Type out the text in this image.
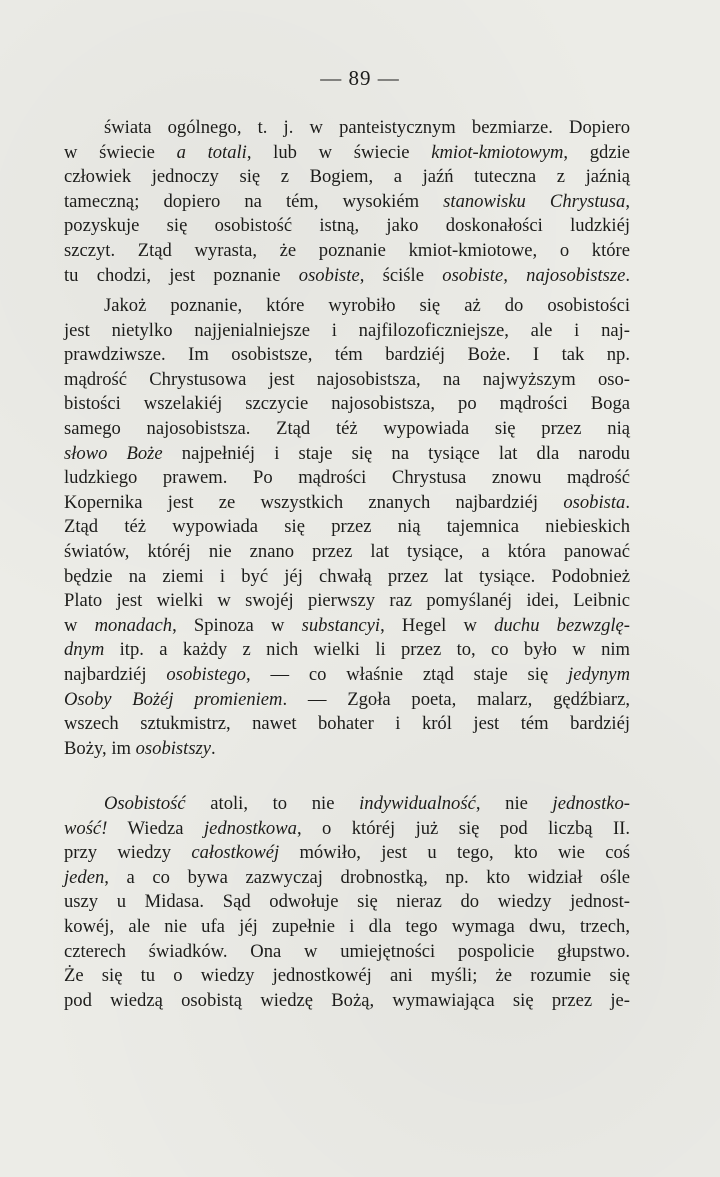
— 89 —
świata ogólnego, t. j. w panteistycznym bezmiarze. Dopiero
w świecie a totali, lub w świecie kmiot-kmiotowym, gdzie
człowiek jednoczy się z Bogiem, a jaźń tuteczna z jaźnią
tameczną; dopiero na tém, wysokiém stanowisku Chrystusa,
pozyskuje się osobistość istną, jako doskonałości ludzkiéj
szczyt. Ztąd wyrasta, że poznanie kmiot-kmiotowe, o które
tu chodzi, jest poznanie osobiste, ściśle osobiste, najosobistsze.
Jakoż poznanie, które wyrobiło się aż do osobistości
jest nietylko najjenialniejsze i najfilozoficzniejsze, ale i naj-
prawdziwsze. Im osobistsze, tém bardziéj Boże. I tak np.
mądrość Chrystusowa jest najosobistsza, na najwyższym oso-
bistości wszelakiéj szczycie najosobistsza, po mądrości Boga
samego najosobistsza. Ztąd téż wypowiada się przez nią
słowo Boże najpełniéj i staje się na tysiące lat dla narodu
ludzkiego prawem. Po mądrości Chrystusa znowu mądrość
Kopernika jest ze wszystkich znanych najbardziéj osobista.
Ztąd téż wypowiada się przez nią tajemnica niebieskich
światów, któréj nie znano przez lat tysiące, a która panować
będzie na ziemi i być jéj chwałą przez lat tysiące. Podobnież
Plato jest wielki w swojéj pierwszy raz pomyślanéj idei, Leibnic
w monadach, Spinoza w substancyi, Hegel w duchu bezwzglę-
dnym itp. a każdy z nich wielki li przez to, co było w nim
najbardziéj osobistego, — co właśnie ztąd staje się jedynym
Osoby Bożéj promieniem. — Zgoła poeta, malarz, gędźbiarz,
wszech sztukmistrz, nawet bohater i król jest tém bardziéj
Boży, im osobistszy.
Osobistość atoli, to nie indywidualność, nie jednostko-
wość! Wiedza jednostkowa, o któréj już się pod liczbą II.
przy wiedzy całostkowéj mówiło, jest u tego, kto wie coś
jeden, a co bywa zazwyczaj drobnostką, np. kto widział ośle
uszy u Midasa. Sąd odwołuje się nieraz do wiedzy jednost-
kowéj, ale nie ufa jéj zupełnie i dla tego wymaga dwu, trzech,
czterech świadków. Ona w umiejętności pospolicie głupstwo.
Że się tu o wiedzy jednostkowéj ani myśli; że rozumie się
pod wiedzą osobistą wiedzę Bożą, wymawiająca się przez je-
